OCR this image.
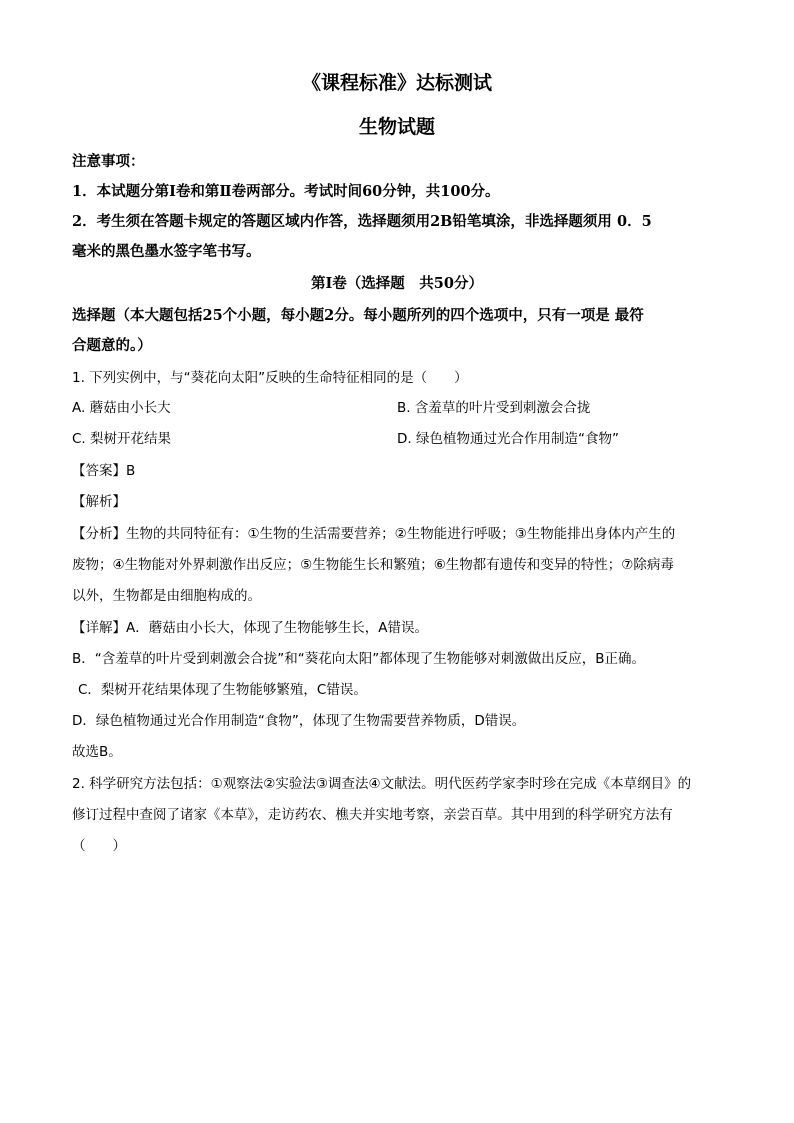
《课程标准》达标测试
生物试题
注意事项：
1．本试题分第Ⅰ卷和第Ⅱ卷两部分。考试时间60分钟，共100分。
2．考生须在答题卡规定的答题区域内作答，选择题须用2B铅笔填涂，非选择题须用 0．5
毫米的黑色墨水签字笔书写。
第Ⅰ卷（选择题　共50分）
选择题（本大题包括25个小题，每小题2分。每小题所列的四个选项中，只有一项是 最符
合题意的。）
1. 下列实例中，与“葵花向太阳”反映的生命特征相同的是（　　）
A. 蘑菇由小长大	B. 含羞草的叶片受到刺激会合拢
C. 梨树开花结果	D. 绿色植物通过光合作用制造“食物”
【答案】B
【解析】
【分析】生物的共同特征有：①生物的生活需要营养；②生物能进行呼吸；③生物能排出身体内产生的
废物；④生物能对外界刺激作出反应；⑤生物能生长和繁殖；⑥生物都有遗传和变异的特性；⑦除病毒
以外，生物都是由细胞构成的。
【详解】A．蘑菇由小长大，体现了生物能够生长，A错误。
B．“含羞草的叶片受到刺激会合拢”和“葵花向太阳”都体现了生物能够对刺激做出反应，B正确。
C．梨树开花结果体现了生物能够繁殖，C错误。
D．绿色植物通过光合作用制造“食物”，体现了生物需要营养物质，D错误。
故选B。
2. 科学研究方法包括：①观察法②实验法③调查法④文献法。明代医药学家李时珍在完成《本草纲目》的
修订过程中查阅了诸家《本草》，走访药农、樵夫并实地考察，亲尝百草。其中用到的科学研究方法有
（　　）
